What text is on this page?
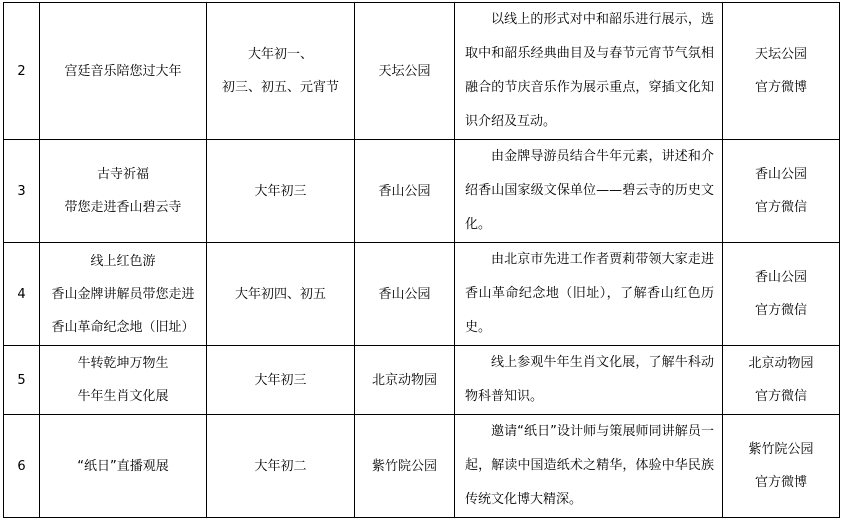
2	宫廷音乐陪您过大年	大年初一、
初三、初五、元宵节	天坛公园	以线上的形式对中和韶乐进行展示，选取中和韶乐经典曲目及与春节元宵节气氛相融合的节庆音乐作为展示重点，穿插文化知识介绍及互动。	天坛公园
官方微博

3	古寺祈福
带您走进香山碧云寺	大年初三	香山公园	由金牌导游员结合牛年元素，讲述和介绍香山国家级文保单位——碧云寺的历史文化。	香山公园
官方微信

4	线上红色游
香山金牌讲解员带您走进
香山革命纪念地（旧址）	大年初四、初五	香山公园	由北京市先进工作者贾莉带领大家走进香山革命纪念地（旧址），了解香山红色历史。	香山公园
官方微信

5	牛转乾坤万物生
牛年生肖文化展	大年初三	北京动物园	线上参观牛年生肖文化展，了解牛科动物科普知识。	北京动物园
官方微信

6	“纸日”直播观展	大年初二	紫竹院公园	邀请“纸日”设计师与策展师同讲解员一起，解读中国造纸术之精华，体验中华民族传统文化博大精深。	紫竹院公园
官方微博
